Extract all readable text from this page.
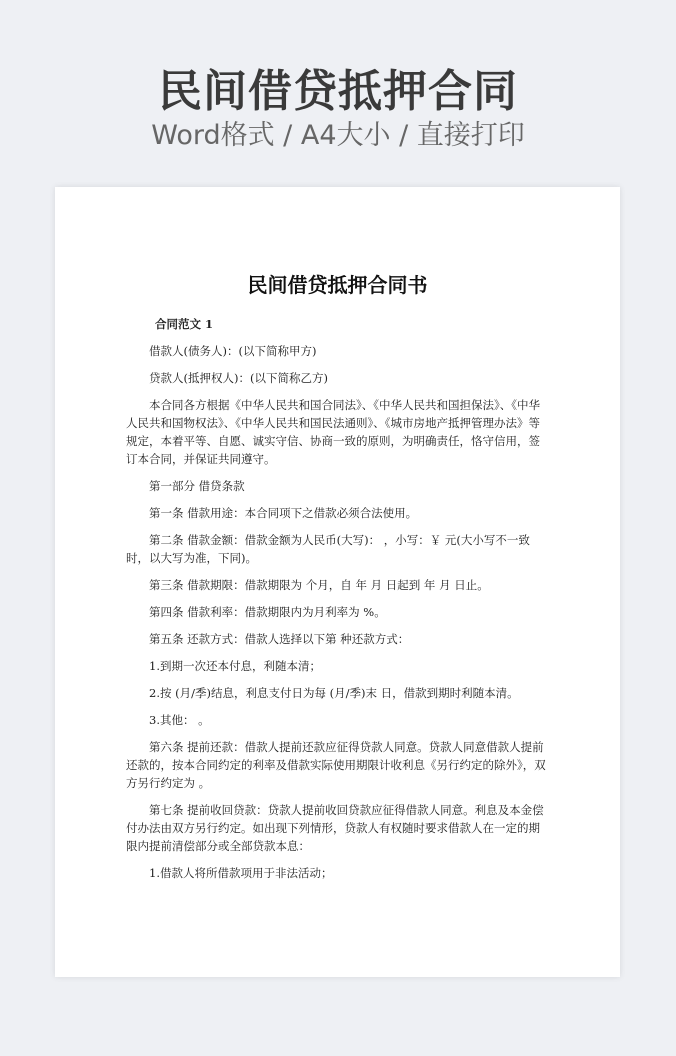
民间借贷抵押合同
Word格式 / A4大小 / 直接打印
民间借贷抵押合同书

合同范文 1

借款人(债务人)：(以下简称甲方)

贷款人(抵押权人)：(以下简称乙方)

本合同各方根据《中华人民共和国合同法》、《中华人民共和国担保法》、《中华人民共和国物权法》、《中华人民共和国民法通则》、《城市房地产抵押管理办法》等规定，本着平等、自愿、诚实守信、协商一致的原则，为明确责任，恪守信用，签订本合同，并保证共同遵守。

第一部分 借贷条款

第一条 借款用途：本合同项下之借款必须合法使用。

第二条 借款金额：借款金额为人民币(大写)： ，小写：￥ 元(大小写不一致时，以大写为准，下同)。

第三条 借款期限：借款期限为 个月，自 年 月 日起到 年 月 日止。

第四条 借款利率：借款期限内为月利率为 %。

第五条 还款方式：借款人选择以下第 种还款方式：

1.到期一次还本付息，利随本清；

2.按 (月/季)结息，利息支付日为每 (月/季)末 日，借款到期时利随本清。

3.其他： 。

第六条 提前还款：借款人提前还款应征得贷款人同意。贷款人同意借款人提前还款的，按本合同约定的利率及借款实际使用期限计收利息《另行约定的除外》，双方另行约定为 。

第七条 提前收回贷款：贷款人提前收回贷款应征得借款人同意。利息及本金偿付办法由双方另行约定。如出现下列情形，贷款人有权随时要求借款人在一定的期限内提前清偿部分或全部贷款本息：

1.借款人将所借款项用于非法活动；
